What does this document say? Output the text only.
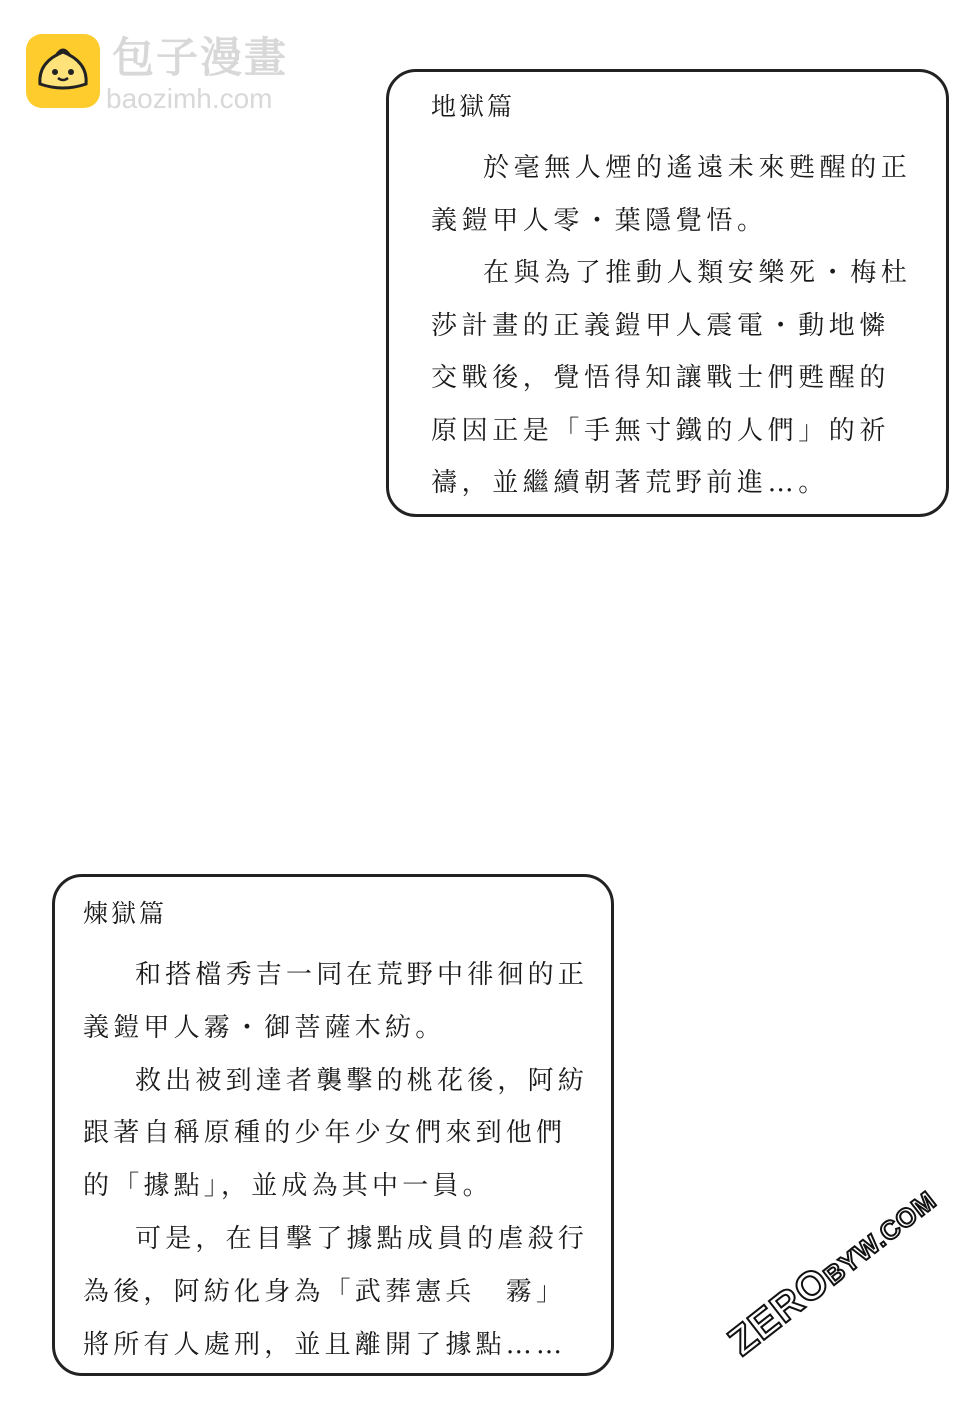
包子漫畫
baozimh.com	地獄篇

於毫無人煙的遙遠未來甦醒的正義鎧甲人零・葉隱覺悟。

在與為了推動人類安樂死・梅杜莎計畫的正義鎧甲人震電・動地憐交戰後，覺悟得知讓戰士們甦醒的原因正是「手無寸鐵的人們」的祈禱，並繼續朝著荒野前進…。

煉獄篇

和搭檔秀吉一同在荒野中徘徊的正義鎧甲人霧・御菩薩木紡。

救出被到達者襲擊的桃花後，阿紡跟著自稱原種的少年少女們來到他們的「據點」，並成為其中一員。

可是，在目擊了據點成員的虐殺行為後，阿紡化身為「武葬憲兵　霧」將所有人處刑，並且離開了據點……	ZEROBYW.COM
